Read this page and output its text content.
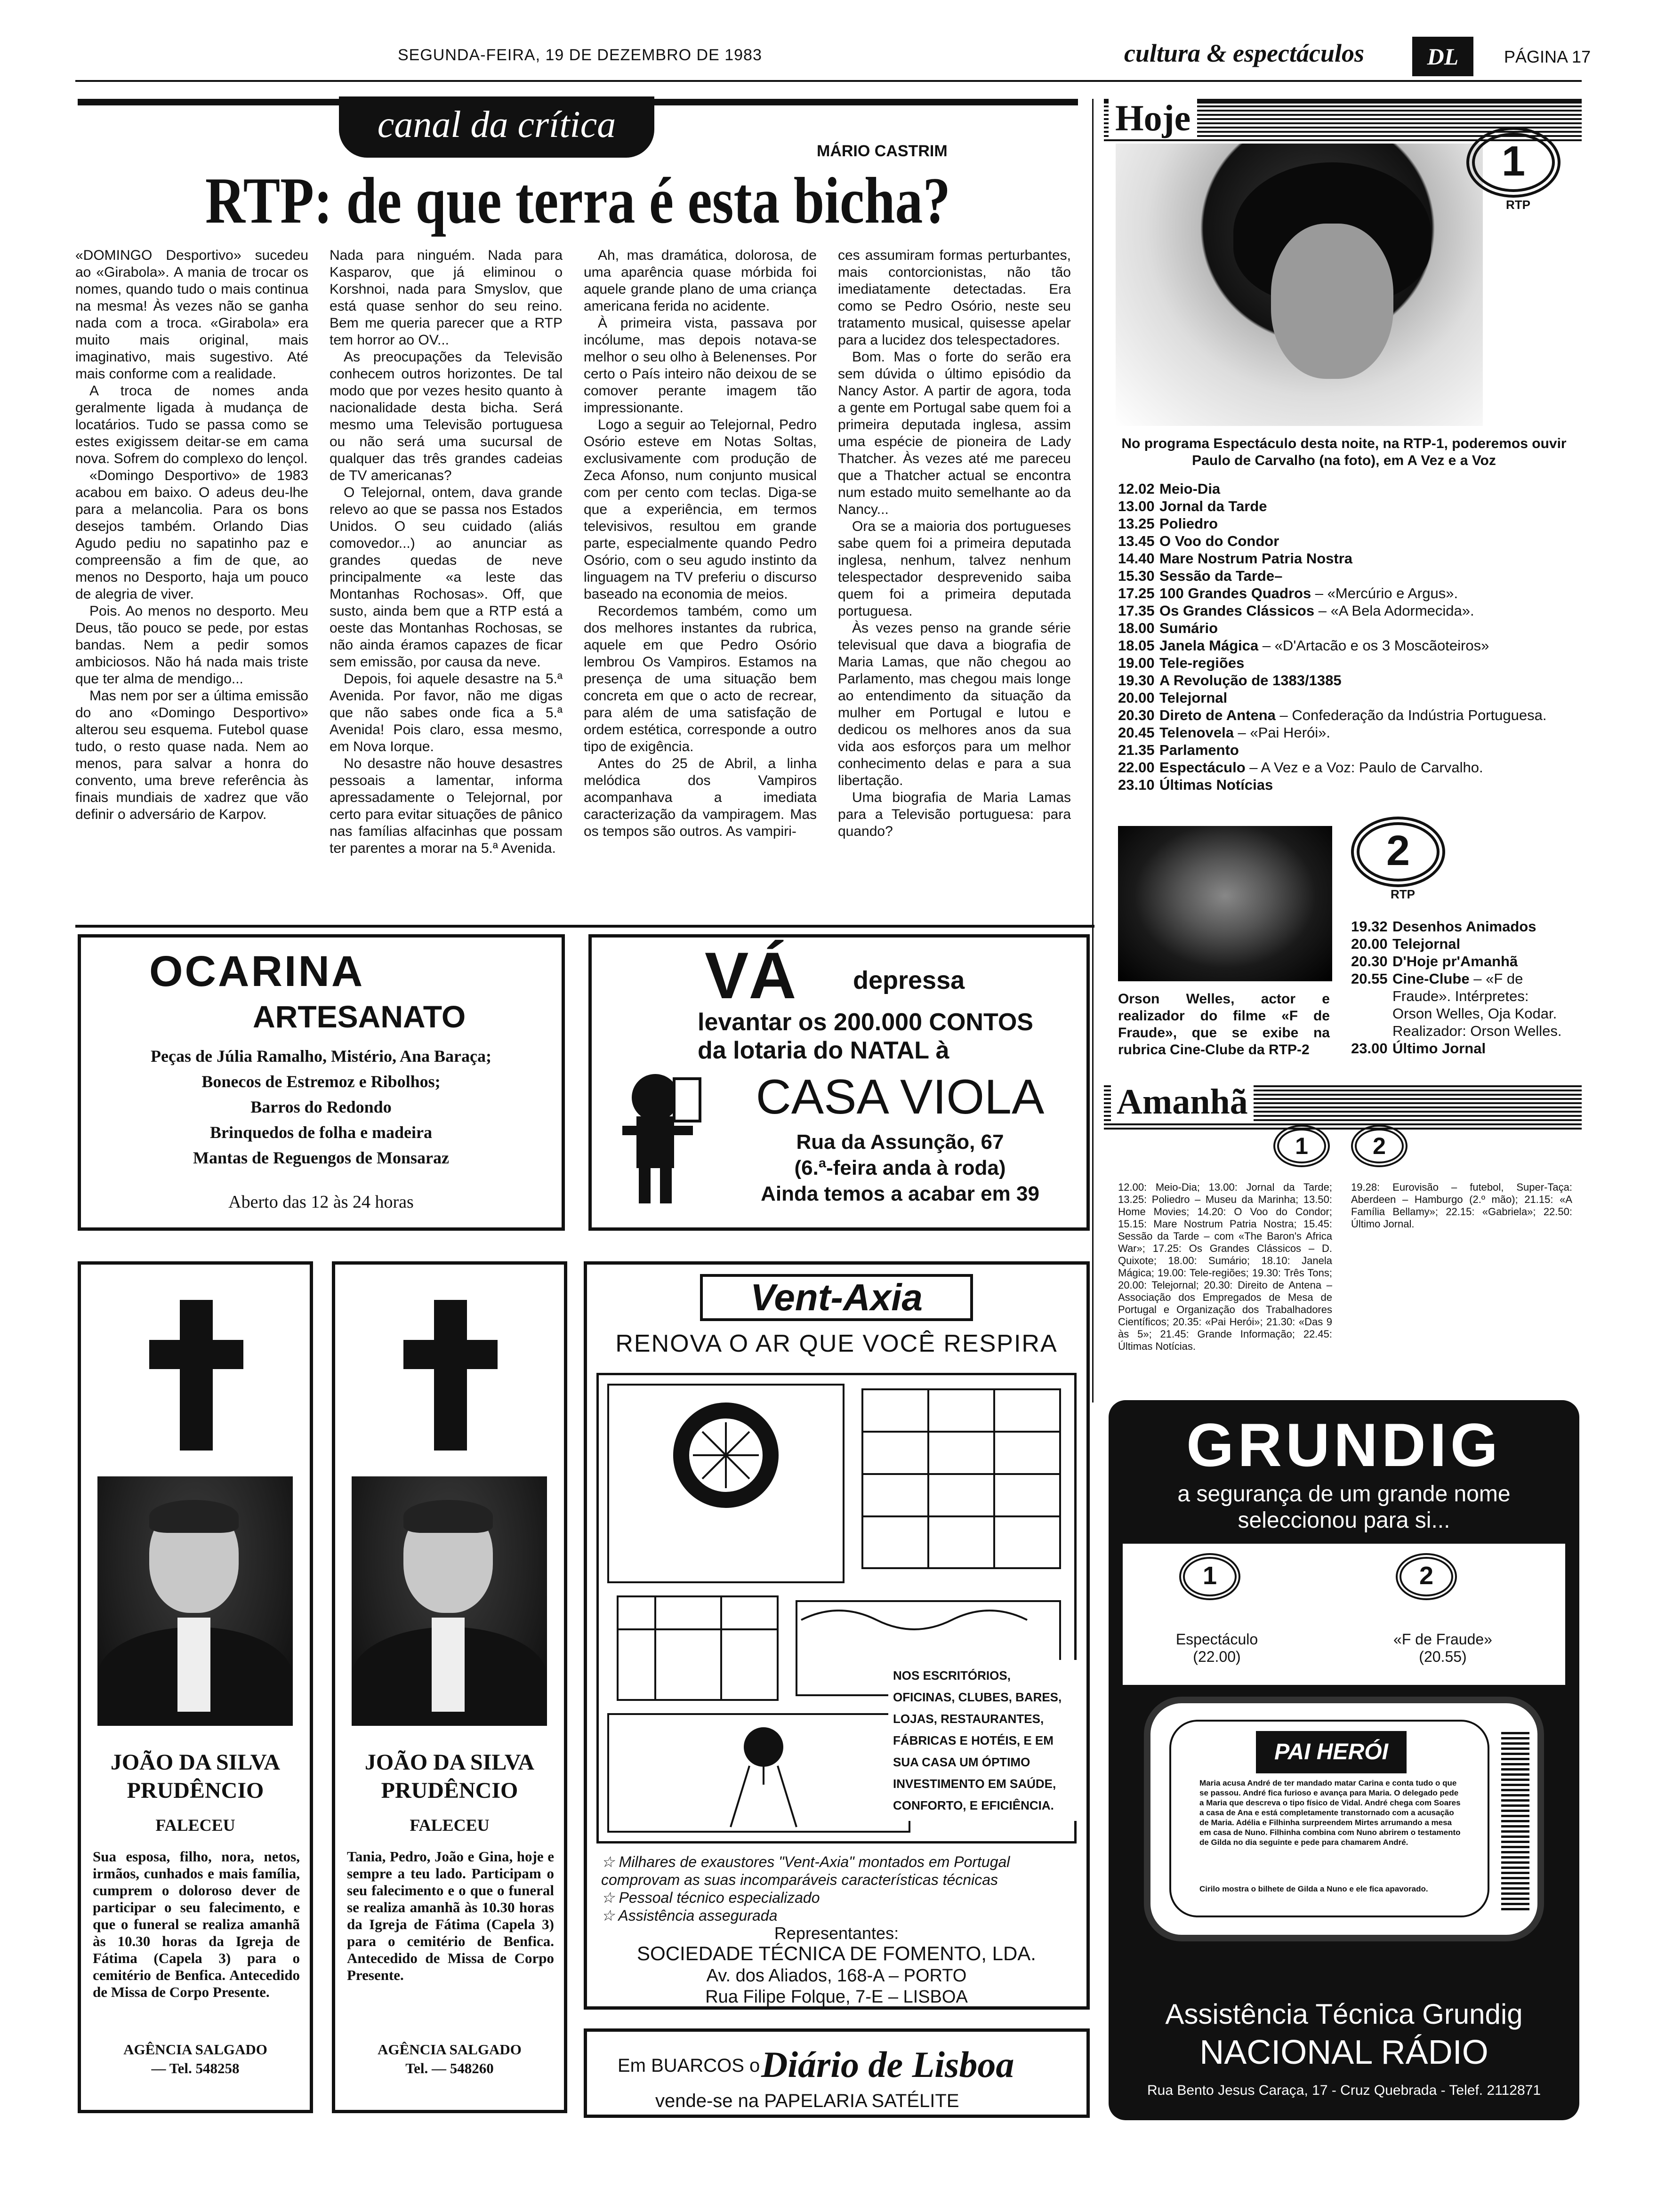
SEGUNDA-FEIRA, 19 DE DEZEMBRO DE 1983	cultura & espectáculos	DL	PÁGINA 17
canal da crítica
MÁRIO CASTRIM
RTP: de que terra é esta bicha?

«DOMINGO Desportivo» sucedeu ao «Girabola». A mania de trocar os nomes, quando tudo o mais continua na mesma! Às vezes não se ganha nada com a troca. «Girabola» era muito mais original, mais imaginativo, mais sugestivo. Até mais conforme com a realidade.

A troca de nomes anda geralmente ligada à mudança de locatários. Tudo se passa como se estes exigissem deitar-se em cama nova. Sofrem do complexo do lençol.

«Domingo Desportivo» de 1983 acabou em baixo. O adeus deu-lhe para a melancolia. Para os bons desejos também. Orlando Dias Agudo pediu no sapatinho paz e compreensão a fim de que, ao menos no Desporto, haja um pouco de alegria de viver.

Pois. Ao menos no desporto. Meu Deus, tão pouco se pede, por estas bandas. Nem a pedir somos ambiciosos. Não há nada mais triste que ter alma de mendigo...

Mas nem por ser a última emissão do ano «Domingo Desportivo» alterou seu esquema. Futebol quase tudo, o resto quase nada. Nem ao menos, para salvar a honra do convento, uma breve referência às finais mundiais de xadrez que vão definir o adversário de Karpov.

Nada para ninguém. Nada para Kasparov, que já eliminou o Korshnoi, nada para Smyslov, que está quase senhor do seu reino. Bem me queria parecer que a RTP tem horror ao OV...

As preocupações da Televisão conhecem outros horizontes. De tal modo que por vezes hesito quanto à nacionalidade desta bicha. Será mesmo uma Televisão portuguesa ou não será uma sucursal de qualquer das três grandes cadeias de TV americanas?

O Telejornal, ontem, dava grande relevo ao que se passa nos Estados Unidos. O seu cuidado (aliás comovedor...) ao anunciar as grandes quedas de neve principalmente «a leste das Montanhas Rochosas». Off, que susto, ainda bem que a RTP está a oeste das Montanhas Rochosas, se não ainda éramos capazes de ficar sem emissão, por causa da neve.

Depois, foi aquele desastre na 5.ª Avenida. Por favor, não me digas que não sabes onde fica a 5.ª Avenida! Pois claro, essa mesmo, em Nova Iorque.

No desastre não houve desastres pessoais a lamentar, informa apressadamente o Telejornal, por certo para evitar situações de pânico nas famílias alfacinhas que possam ter parentes a morar na 5.ª Avenida.

Ah, mas dramática, dolorosa, de uma aparência quase mórbida foi aquele grande plano de uma criança americana ferida no acidente.

À primeira vista, passava por incólume, mas depois notava-se melhor o seu olho à Belenenses. Por certo o País inteiro não deixou de se comover perante imagem tão impressionante.

Logo a seguir ao Telejornal, Pedro Osório esteve em Notas Soltas, exclusivamente com produção de Zeca Afonso, num conjunto musical com per cento com teclas. Diga-se que a experiência, em termos televisivos, resultou em grande parte, especialmente quando Pedro Osório, com o seu agudo instinto da linguagem na TV preferiu o discurso baseado na economia de meios.

Recordemos também, como um dos melhores instantes da rubrica, aquele em que Pedro Osório lembrou Os Vampiros. Estamos na presença de uma situação bem concreta em que o acto de recrear, para além de uma satisfação de ordem estética, corresponde a outro tipo de exigência.

Antes do 25 de Abril, a linha melódica dos Vampiros acompanhava a imediata caracterização da vampiragem. Mas os tempos são outros. As vampiri-

ces assumiram formas perturbantes, mais contorcionistas, não tão imediatamente detectadas. Era como se Pedro Osório, neste seu tratamento musical, quisesse apelar para a lucidez dos telespectadores.

Bom. Mas o forte do serão era sem dúvida o último episódio da Nancy Astor. A partir de agora, toda a gente em Portugal sabe quem foi a primeira deputada inglesa, assim uma espécie de pioneira de Lady Thatcher. Às vezes até me pareceu que a Thatcher actual se encontra num estado muito semelhante ao da Nancy...

Ora se a maioria dos portugueses sabe quem foi a primeira deputada inglesa, nenhum, talvez nenhum telespectador desprevenido saiba quem foi a primeira deputada portuguesa.

Às vezes penso na grande série televisual que dava a biografia de Maria Lamas, que não chegou ao Parlamento, mas chegou mais longe ao entendimento da situação da mulher em Portugal e lutou e dedicou os melhores anos da sua vida aos esforços para um melhor conhecimento delas e para a sua libertação.

Uma biografia de Maria Lamas para a Televisão portuguesa: para quando?

Hoje
1
RTP
No programa Espectáculo desta noite, na RTP-1, poderemos ouvir Paulo de Carvalho (na foto), em A Vez e a Voz
12.02 Meio-Dia
13.00 Jornal da Tarde
13.25 Poliedro
13.45 O Voo do Condor
14.40 Mare Nostrum Patria Nostra
15.30 Sessão da Tarde–
17.25 100 Grandes Quadros – «Mercúrio e Argus».
17.35 Os Grandes Clássicos – «A Bela Adormecida».
18.00 Sumário
18.05 Janela Mágica – «D'Artacão e os 3 Moscãoteiros»
19.00 Tele-regiões
19.30 A Revolução de 1383/1385
20.00 Telejornal
20.30 Direto de Antena – Confederação da Indústria Portuguesa.
20.45 Telenovela – «Pai Herói».
21.35 Parlamento
22.00 Espectáculo – A Vez e a Voz: Paulo de Carvalho.
23.10 Últimas Notícias
2
RTP
Orson Welles, actor e realizador do filme «F de Fraude», que se exibe na rubrica Cine-Clube da RTP-2
19.32 Desenhos Animados
20.00 Telejornal
20.30 D'Hoje pr'Amanhã
20.55 Cine-Clube – «F de Fraude». Intérpretes: Orson Welles, Oja Kodar. Realizador: Orson Welles.
23.00 Último Jornal
Amanhã
1	2
12.00: Meio-Dia; 13.00: Jornal da Tarde; 13.25: Poliedro – Museu da Marinha; 13.50: Home Movies; 14.20: O Voo do Condor; 15.15: Mare Nostrum Patria Nostra; 15.45: Sessão da Tarde – com «The Baron's Africa War»; 17.25: Os Grandes Clássicos – D. Quixote; 18.00: Sumário; 18.10: Janela Mágica; 19.00: Tele-regiões; 19.30: Três Tons; 20.00: Telejornal; 20.30: Direito de Antena – Associação dos Empregados de Mesa de Portugal e Organização dos Trabalhadores Científicos; 20.35: «Pai Herói»; 21.30: «Das 9 às 5»; 21.45: Grande Informação; 22.45: Últimas Notícias.
19.28: Eurovisão – futebol, Super-Taça: Aberdeen – Hamburgo (2.º mão); 21.15: «A Família Bellamy»; 22.15: «Gabriela»; 22.50: Último Jornal.
GRUNDIG
a segurança de um grande nome
seleccionou para si...
1	2
Espectáculo
(22.00)
«F de Fraude»
(20.55)
PAI HERÓI
Maria acusa André de ter mandado matar Carina e conta tudo o que se passou. André fica furioso e avança para Maria. O delegado pede a Maria que descreva o tipo físico de Vidal. André chega com Soares a casa de Ana e está completamente transtornado com a acusação de Maria. Adélia e Filhinha surpreendem Mirtes arrumando a mesa em casa de Nuno. Filhinha combina com Nuno abrirem o testamento de Gilda no dia seguinte e pede para chamarem André.
Cirilo mostra o bilhete de Gilda a Nuno e ele fica apavorado.
Assistência Técnica Grundig
NACIONAL RÁDIO
Rua Bento Jesus Caraça, 17 - Cruz Quebrada - Telef. 2112871
OCARINA
ARTESANATO
Peças de Júlia Ramalho, Mistério, Ana Baraça;
Bonecos de Estremoz e Ribolhos;
Barros do Redondo
Brinquedos de folha e madeira
Mantas de Reguengos de Monsaraz
Aberto das 12 às 24 horas
VÁ depressa
levantar os 200.000 CONTOS
da lotaria do NATAL à
CASA VIOLA
Rua da Assunção, 67
(6.ª-feira anda à roda)
Ainda temos a acabar em 39
JOÃO DA SILVA
PRUDÊNCIO
FALECEU
Sua esposa, filho, nora, netos, irmãos, cunhados e mais família, cumprem o doloroso dever de participar o seu falecimento, e que o funeral se realiza amanhã às 10.30 horas da Igreja de Fátima (Capela 3) para o cemitério de Benfica. Antecedido de Missa de Corpo Presente.
AGÊNCIA SALGADO
— Tel. 548258
JOÃO DA SILVA
PRUDÊNCIO
FALECEU
Tania, Pedro, João e Gina, hoje e sempre a teu lado. Participam o seu falecimento e o que o funeral se realiza amanhã às 10.30 horas da Igreja de Fátima (Capela 3) para o cemitério de Benfica. Antecedido de Missa de Corpo Presente.
AGÊNCIA SALGADO
Tel. — 548260
Vent-Axia
RENOVA O AR QUE VOCÊ RESPIRA
NOS ESCRITÓRIOS, OFICINAS, CLUBES, BARES, LOJAS, RESTAURANTES, FÁBRICAS E HOTÉIS, E EM SUA CASA UM ÓPTIMO INVESTIMENTO EM SAÚDE, CONFORTO, E EFICIÊNCIA.
☆ Milhares de exaustores "Vent-Axia" montados em Portugal comprovam as suas incomparáveis características técnicas
☆ Pessoal técnico especializado
☆ Assistência assegurada
Representantes:
SOCIEDADE TÉCNICA DE FOMENTO, LDA.
Av. dos Aliados, 168-A – PORTO
Rua Filipe Folque, 7-E – LISBOA
Em BUARCOS o Diário de Lisboa
vende-se na PAPELARIA SATÉLITE
